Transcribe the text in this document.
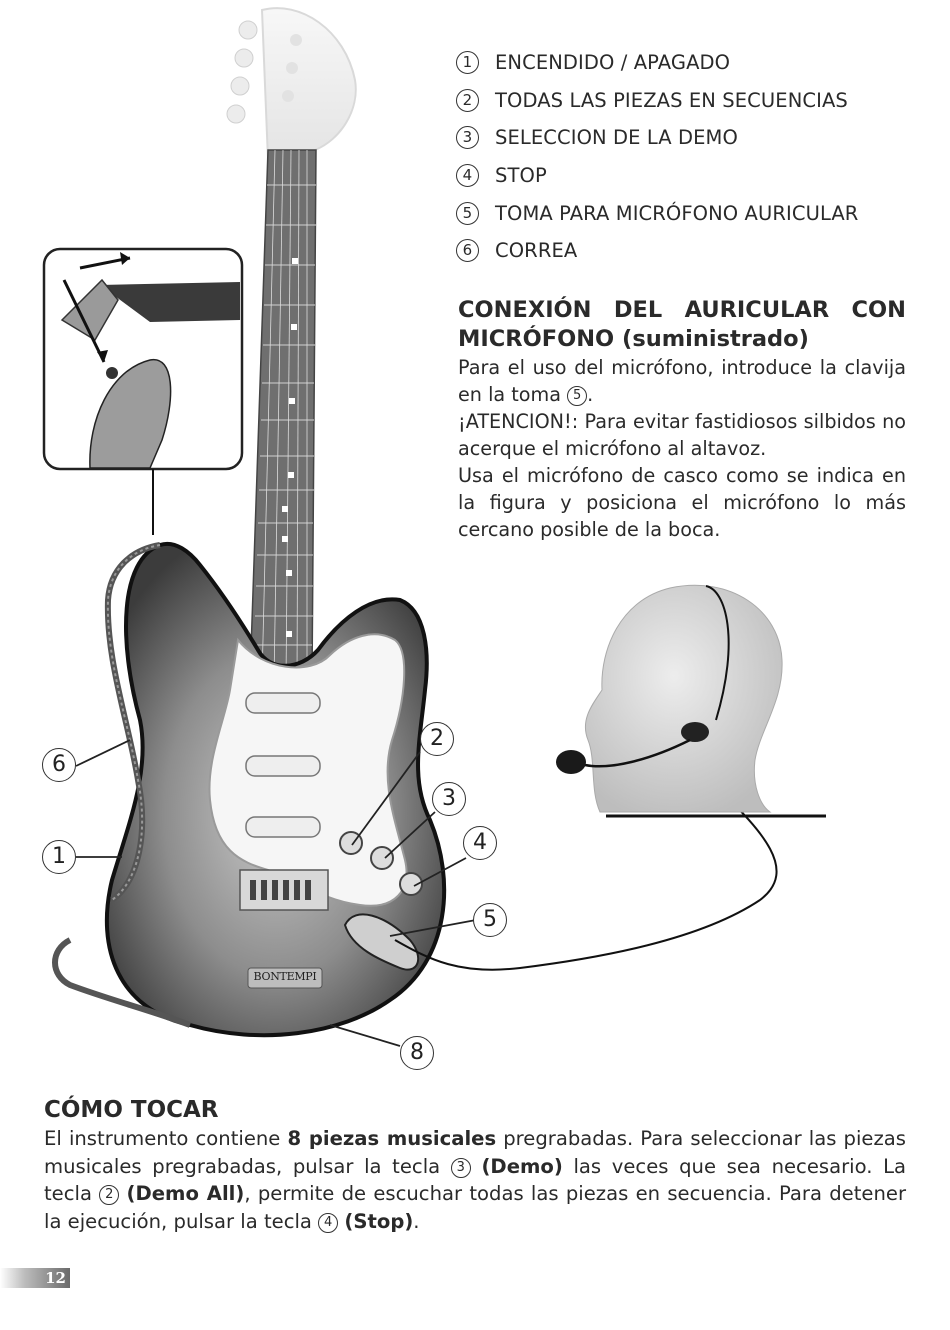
6
1
2
3
4
5
8
BONTEMPI
1	ENCENDIDO / APAGADO
2	TODAS LAS PIEZAS EN SECUENCIAS
3	SELECCION DE LA DEMO
4	STOP
5	TOMA PARA MICRÓFONO AURICULAR
6	CORREA
CONEXIÓN DEL AURICULAR CON MICRÓFONO (suministrado)

Para el uso del micrófono, introduce la clavija en la toma 5 .

¡ATENCION!: Para evitar fastidiosos silbidos no acerque el micrófono al altavoz.

Usa el micrófono de casco como se indica en la figura y posiciona el micrófono lo más cercano posible de la boca.

CÓMO TOCAR

El instrumento contiene 8 piezas musicales pregrabadas. Para seleccionar las piezas musicales pregrabadas, pulsar la tecla 3 (Demo) las veces que sea necesario. La tecla 2 (Demo All), permite de escuchar todas las piezas en secuencia. Para detener la ejecución, pulsar la tecla 4 (Stop).

12
